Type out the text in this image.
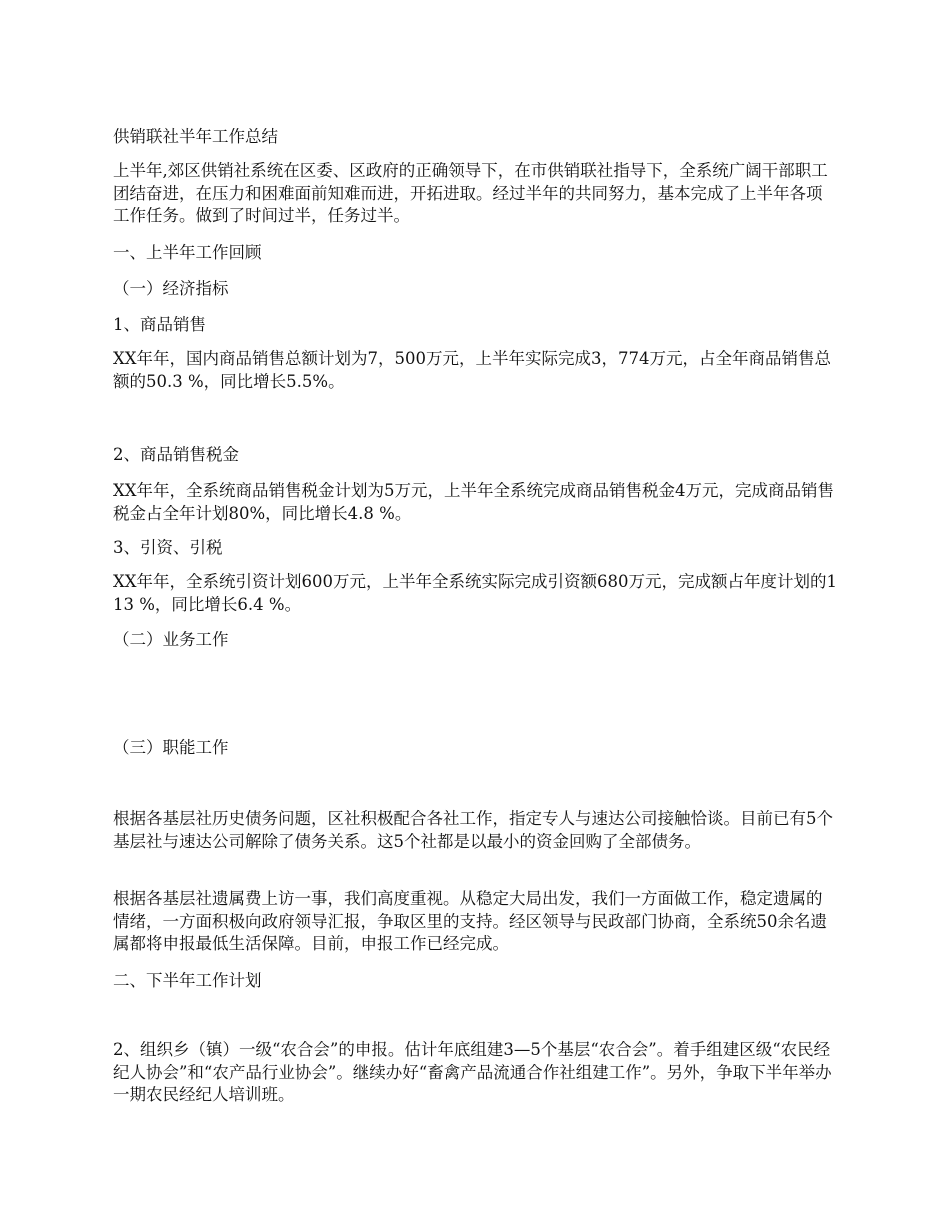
供销联社半年工作总结

上半年,郊区供销社系统在区委、区政府的正确领导下，在市供销联社指导下，全系统广阔干部职工团结奋进，在压力和困难面前知难而进，开拓进取。经过半年的共同努力，基本完成了上半年各项工作任务。做到了时间过半，任务过半。

一、上半年工作回顾

（一）经济指标

1、商品销售

XX年年，国内商品销售总额计划为7，500万元，上半年实际完成3，774万元，占全年商品销售总额的50.3 %，同比增长5.5%。

2、商品销售税金

XX年年，全系统商品销售税金计划为5万元，上半年全系统完成商品销售税金4万元，完成商品销售税金占全年计划80%，同比增长4.8 %。

3、引资、引税

XX年年，全系统引资计划600万元，上半年全系统实际完成引资额680万元，完成额占年度计划的113 %，同比增长6.4 %。

（二）业务工作

（三）职能工作

根据各基层社历史债务问题，区社积极配合各社工作，指定专人与速达公司接触恰谈。目前已有5个基层社与速达公司解除了债务关系。这5个社都是以最小的资金回购了全部债务。

根据各基层社遗属费上访一事，我们高度重视。从稳定大局出发，我们一方面做工作，稳定遗属的情绪，一方面积极向政府领导汇报，争取区里的支持。经区领导与民政部门协商，全系统50余名遗属都将申报最低生活保障。目前，申报工作已经完成。

二、下半年工作计划

2、组织乡（镇）一级“农合会”的申报。估计年底组建3—5个基层“农合会”。着手组建区级“农民经纪人协会”和“农产品行业协会”。继续办好“畜禽产品流通合作社组建工作”。另外，争取下半年举办一期农民经纪人培训班。
